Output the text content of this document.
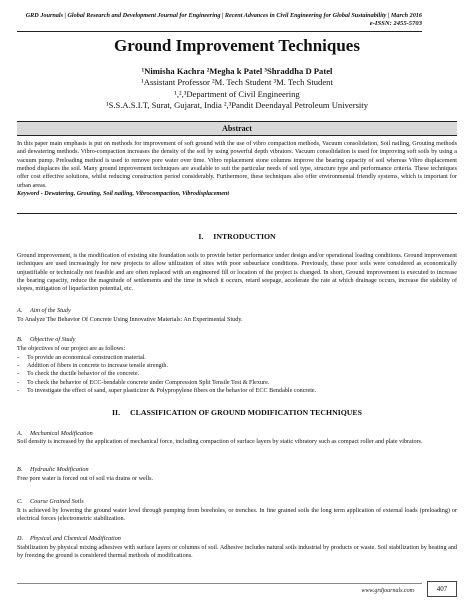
GRD Journals | Global Research and Development Journal for Engineering | Recent Advances in Civil Engineering for Global Sustainability | March 2016
e-ISSN: 2455-5703
Ground Improvement Techniques
¹Nimisha Kachra ²Megha k Patel ³Shraddha D Patel
¹Assistant Professor ²M. Tech Student ³M. Tech Student
¹,²,³Department of Civil Engineering
¹S.S.A.S.I.T, Surat, Gujarat, India ²,³Pandit Deendayal Petroleum University
Abstract
In this paper main emphasis is put on methods for improvement of soft ground with the use of vibro compaction methods, Vacuum consolidation, Soil nailing, Grouting methods and dewatering methods. Vibro-compaction increases the density of the soil by using powerful depth vibrators. Vacuum consolidation is used for improving soft soils by using a vacuum pump. Preloading method is used to remove pore water over time. Vibro replacement stone columns improve the bearing capacity of soil whereas Vibro displacement method displaces the soil. Many ground improvement techniques are available to suit the particular needs of soil type, structure type and performance criteria. These techniques offer cost effective solutions, whilst reducing construction period considerably. Furthermore, these techniques also offer environmental friendly systems, which is important for urban areas.
Keyword - Dewatering, Grouting, Soil nailing, Vibrocompaction, Vibrodisplacement
I. INTRODUCTION
Ground improvement, is the modification of existing site foundation soils to provide better performance under design and/or operational loading conditions. Ground improvement techniques are used increasingly for new projects to allow utilization of sites with poor subsurface conditions. Previously, these poor soils were considered as economically unjustifiable or technically not feasible and are often replaced with an engineered fill or location of the project is changed. In short, Ground improvement is executed to increase the bearing capacity, reduce the magnitude of settlements and the time in which it occurs, retard seepage, accelerate the rate at which drainage occurs, increase the stability of slopes, mitigation of liquefaction potential, etc.
A. Aim of the Study
To Analyze The Behavior Of Concrete Using Innovative Materials: An Experimental Study.
B. Objective of Study
The objectives of our project are as follows:
- To provide an economical construction material.
- Addition of fibers in concrete to increase tensile strength.
- To check the ductile behavior of the concrete.
- To check the behavior of ECC-bendable concrete under Compression Split Tensile Test & Flexure.
- To investigate the effect of sand, super plasticizer & Polypropylene fibers on the behavior of ECC Bendable concrete.
II. CLASSIFICATION OF GROUND MODIFICATION TECHNIQUES
A. Mechanical Modification
Soil density is increased by the application of mechanical force, including compaction of surface layers by static vibratory such as compact roller and plate vibrators.
B. Hydraulic Modification
Free pore water is forced out of soil via drains or wells.
C. Course Grained Soils
It is achieved by lowering the ground water level through pumping from boreholes, or trenches. In fine grained soils the long term application of external loads (preloading) or electrical forces (electrometric stabilization.
D. Physical and Chemical Modification
Stabilization by physical mixing adhesives with surface layers or columns of soil. Adhesive includes natural soils industrial by products or waste. Soil stabilization by heating and by freezing the ground is considered thermal methods of modifications.
www.grdjournals.com	407
